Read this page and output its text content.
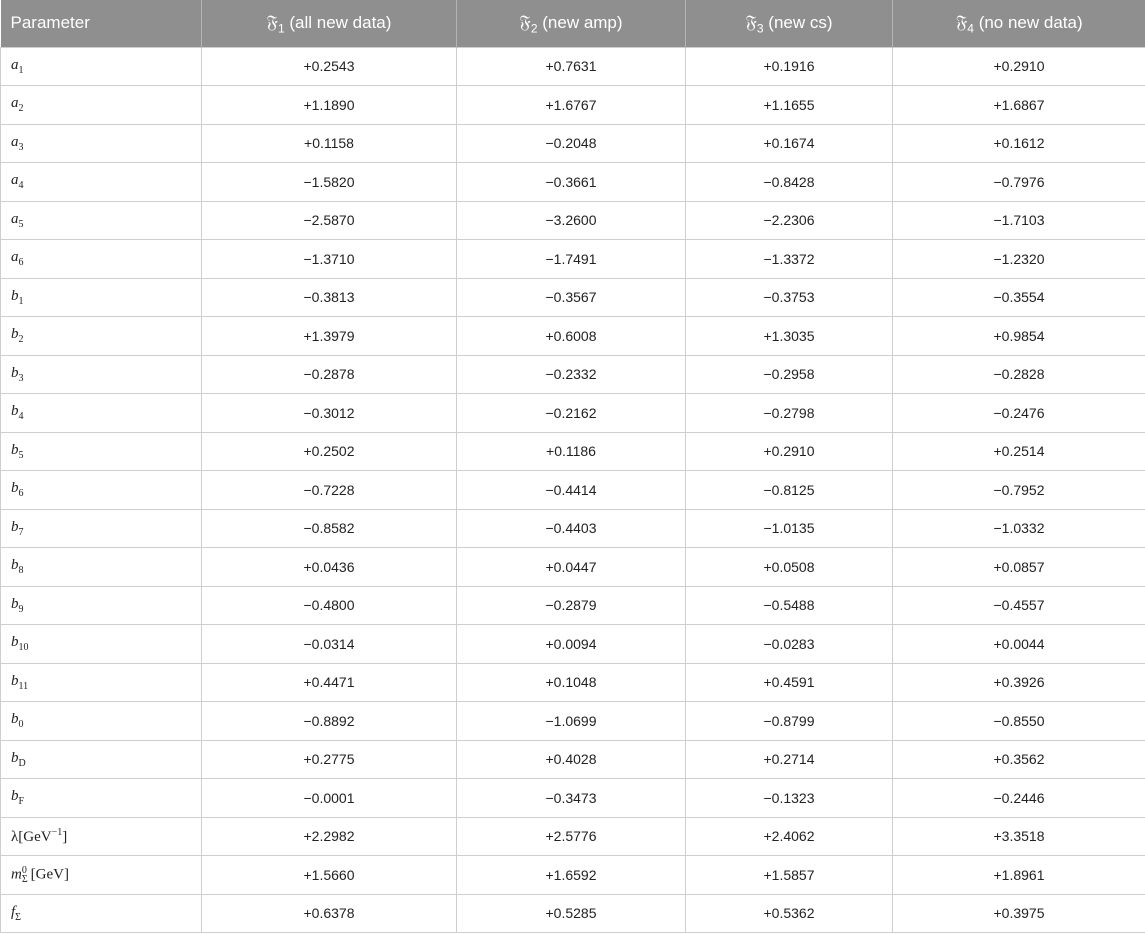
Parameter	𝔉$_1$ (all new data)	𝔉$_2$ (new amp)	𝔉$_3$ (new cs)	𝔉$_4$ (no new data)
$a_1$	+0.2543	+0.7631	+0.1916	+0.2910
$a_2$	+1.1890	+1.6767	+1.1655	+1.6867
$a_3$	+0.1158	−0.2048	+0.1674	+0.1612
$a_4$	−1.5820	−0.3661	−0.8428	−0.7976
$a_5$	−2.5870	−3.2600	−2.2306	−1.7103
$a_6$	−1.3710	−1.7491	−1.3372	−1.2320
$b_1$	−0.3813	−0.3567	−0.3753	−0.3554
$b_2$	+1.3979	+0.6008	+1.3035	+0.9854
$b_3$	−0.2878	−0.2332	−0.2958	−0.2828
$b_4$	−0.3012	−0.2162	−0.2798	−0.2476
$b_5$	+0.2502	+0.1186	+0.2910	+0.2514
$b_6$	−0.7228	−0.4414	−0.8125	−0.7952
$b_7$	−0.8582	−0.4403	−1.0135	−1.0332
$b_8$	+0.0436	+0.0447	+0.0508	+0.0857
$b_9$	−0.4800	−0.2879	−0.5488	−0.4557
$b_{10}$	−0.0314	+0.0094	−0.0283	+0.0044
$b_{11}$	+0.4471	+0.1048	+0.4591	+0.3926
$b_0$	−0.8892	−1.0699	−0.8799	−0.8550
$b_D$	+0.2775	+0.4028	+0.2714	+0.3562
$b_F$	−0.0001	−0.3473	−0.1323	−0.2446
λ[GeV$^{-1}$]	+2.2982	+2.5776	+2.4062	+3.3518
m 0
Σ [GeV]	+1.5660	+1.6592	+1.5857	+1.8961
$f_\Sigma$	+0.6378	+0.5285	+0.5362	+0.3975
